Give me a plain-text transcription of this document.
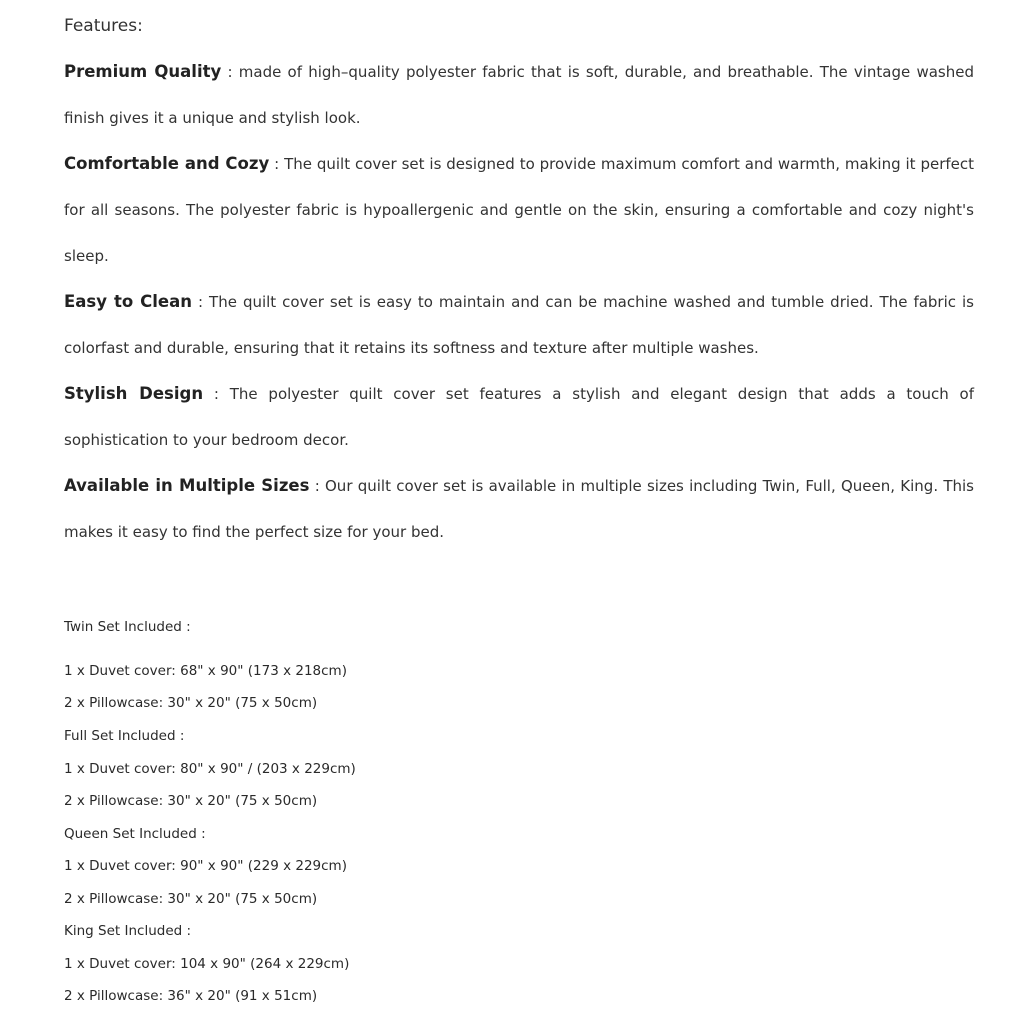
Features:

Premium Quality : made of high–quality polyester fabric that is soft, durable, and breathable. The vintage washed finish gives it a unique and stylish look.

Comfortable and Cozy : The quilt cover set is designed to provide maximum comfort and warmth, making it perfect for all seasons. The polyester fabric is hypoallergenic and gentle on the skin, ensuring a comfortable and cozy night's sleep.

Easy to Clean : The quilt cover set is easy to maintain and can be machine washed and tumble dried. The fabric is colorfast and durable, ensuring that it retains its softness and texture after multiple washes.

Stylish Design : The polyester quilt cover set features a stylish and elegant design that adds a touch of sophistication to your bedroom decor.

Available in Multiple Sizes : Our quilt cover set is available in multiple sizes including Twin, Full, Queen, King. This makes it easy to find the perfect size for your bed.

Twin Set Included :
1 x Duvet cover: 68" x 90" (173 x 218cm)
2 x Pillowcase: 30" x 20" (75 x 50cm)
Full Set Included :
1 x Duvet cover: 80" x 90" / (203 x 229cm)
2 x Pillowcase: 30" x 20" (75 x 50cm)
Queen Set Included :
1 x Duvet cover: 90" x 90" (229 x 229cm)
2 x Pillowcase: 30" x 20" (75 x 50cm)
King Set Included :
1 x Duvet cover: 104 x 90" (264 x 229cm)
2 x Pillowcase: 36" x 20" (91 x 51cm)
